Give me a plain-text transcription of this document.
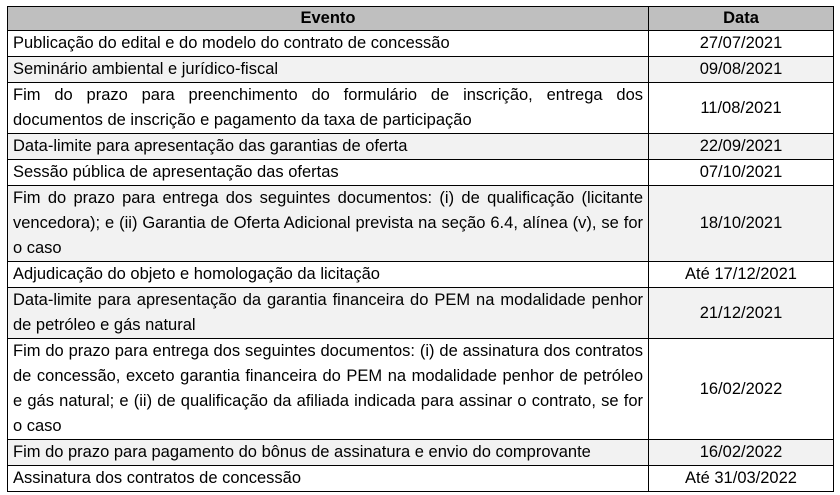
Evento	Data
Publicação do edital e do modelo do contrato de concessão	27/07/2021
Seminário ambiental e jurídico-fiscal	09/08/2021
Fim do prazo para preenchimento do formulário de inscrição, entrega dos documentos de inscrição e pagamento da taxa de participação	11/08/2021
Data-limite para apresentação das garantias de oferta	22/09/2021
Sessão pública de apresentação das ofertas	07/10/2021
Fim do prazo para entrega dos seguintes documentos: (i) de qualificação (licitante vencedora); e (ii) Garantia de Oferta Adicional prevista na seção 6.4, alínea (v), se for o caso	18/10/2021
Adjudicação do objeto e homologação da licitação	Até 17/12/2021
Data-limite para apresentação da garantia financeira do PEM na modalidade penhor de petróleo e gás natural	21/12/2021
Fim do prazo para entrega dos seguintes documentos: (i) de assinatura dos contratos de concessão, exceto garantia financeira do PEM na modalidade penhor de petróleo e gás natural; e (ii) de qualificação da afiliada indicada para assinar o contrato, se for o caso	16/02/2022
Fim do prazo para pagamento do bônus de assinatura e envio do comprovante	16/02/2022
Assinatura dos contratos de concessão	Até 31/03/2022
